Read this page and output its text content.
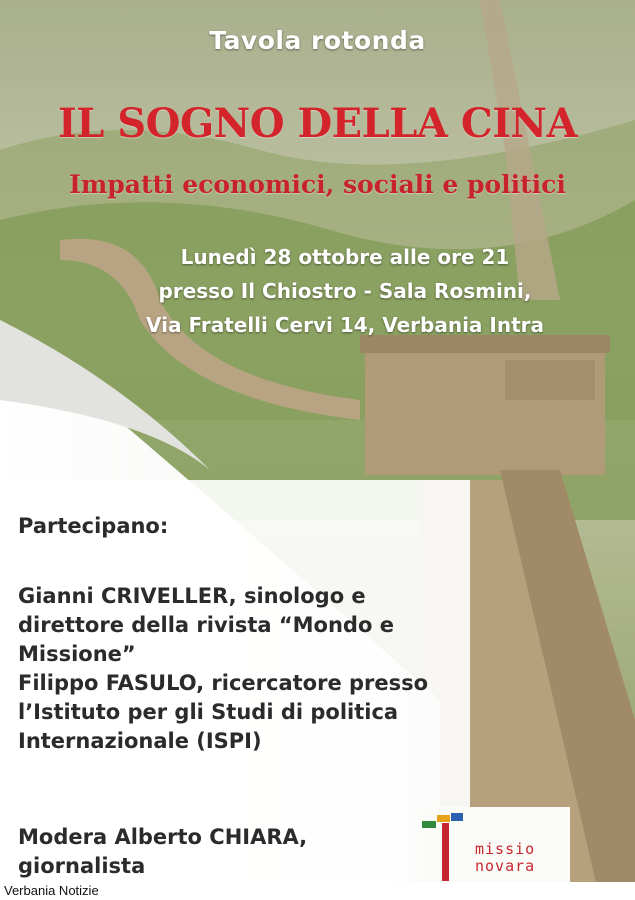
Tavola rotonda
IL SOGNO DELLA CINA
Impatti economici, sociali e politici
Lunedì 28 ottobre alle ore 21
presso Il Chiostro - Sala Rosmini,
Via Fratelli Cervi 14, Verbania Intra
Partecipano:
Gianni CRIVELLER, sinologo e
direttore della rivista “Mondo e
Missione”
Filippo FASULO, ricercatore presso
l’Istituto per gli Studi di politica
Internazionale (ISPI)
Modera Alberto CHIARA,
giornalista
missio
novara
Verbania Notizie
